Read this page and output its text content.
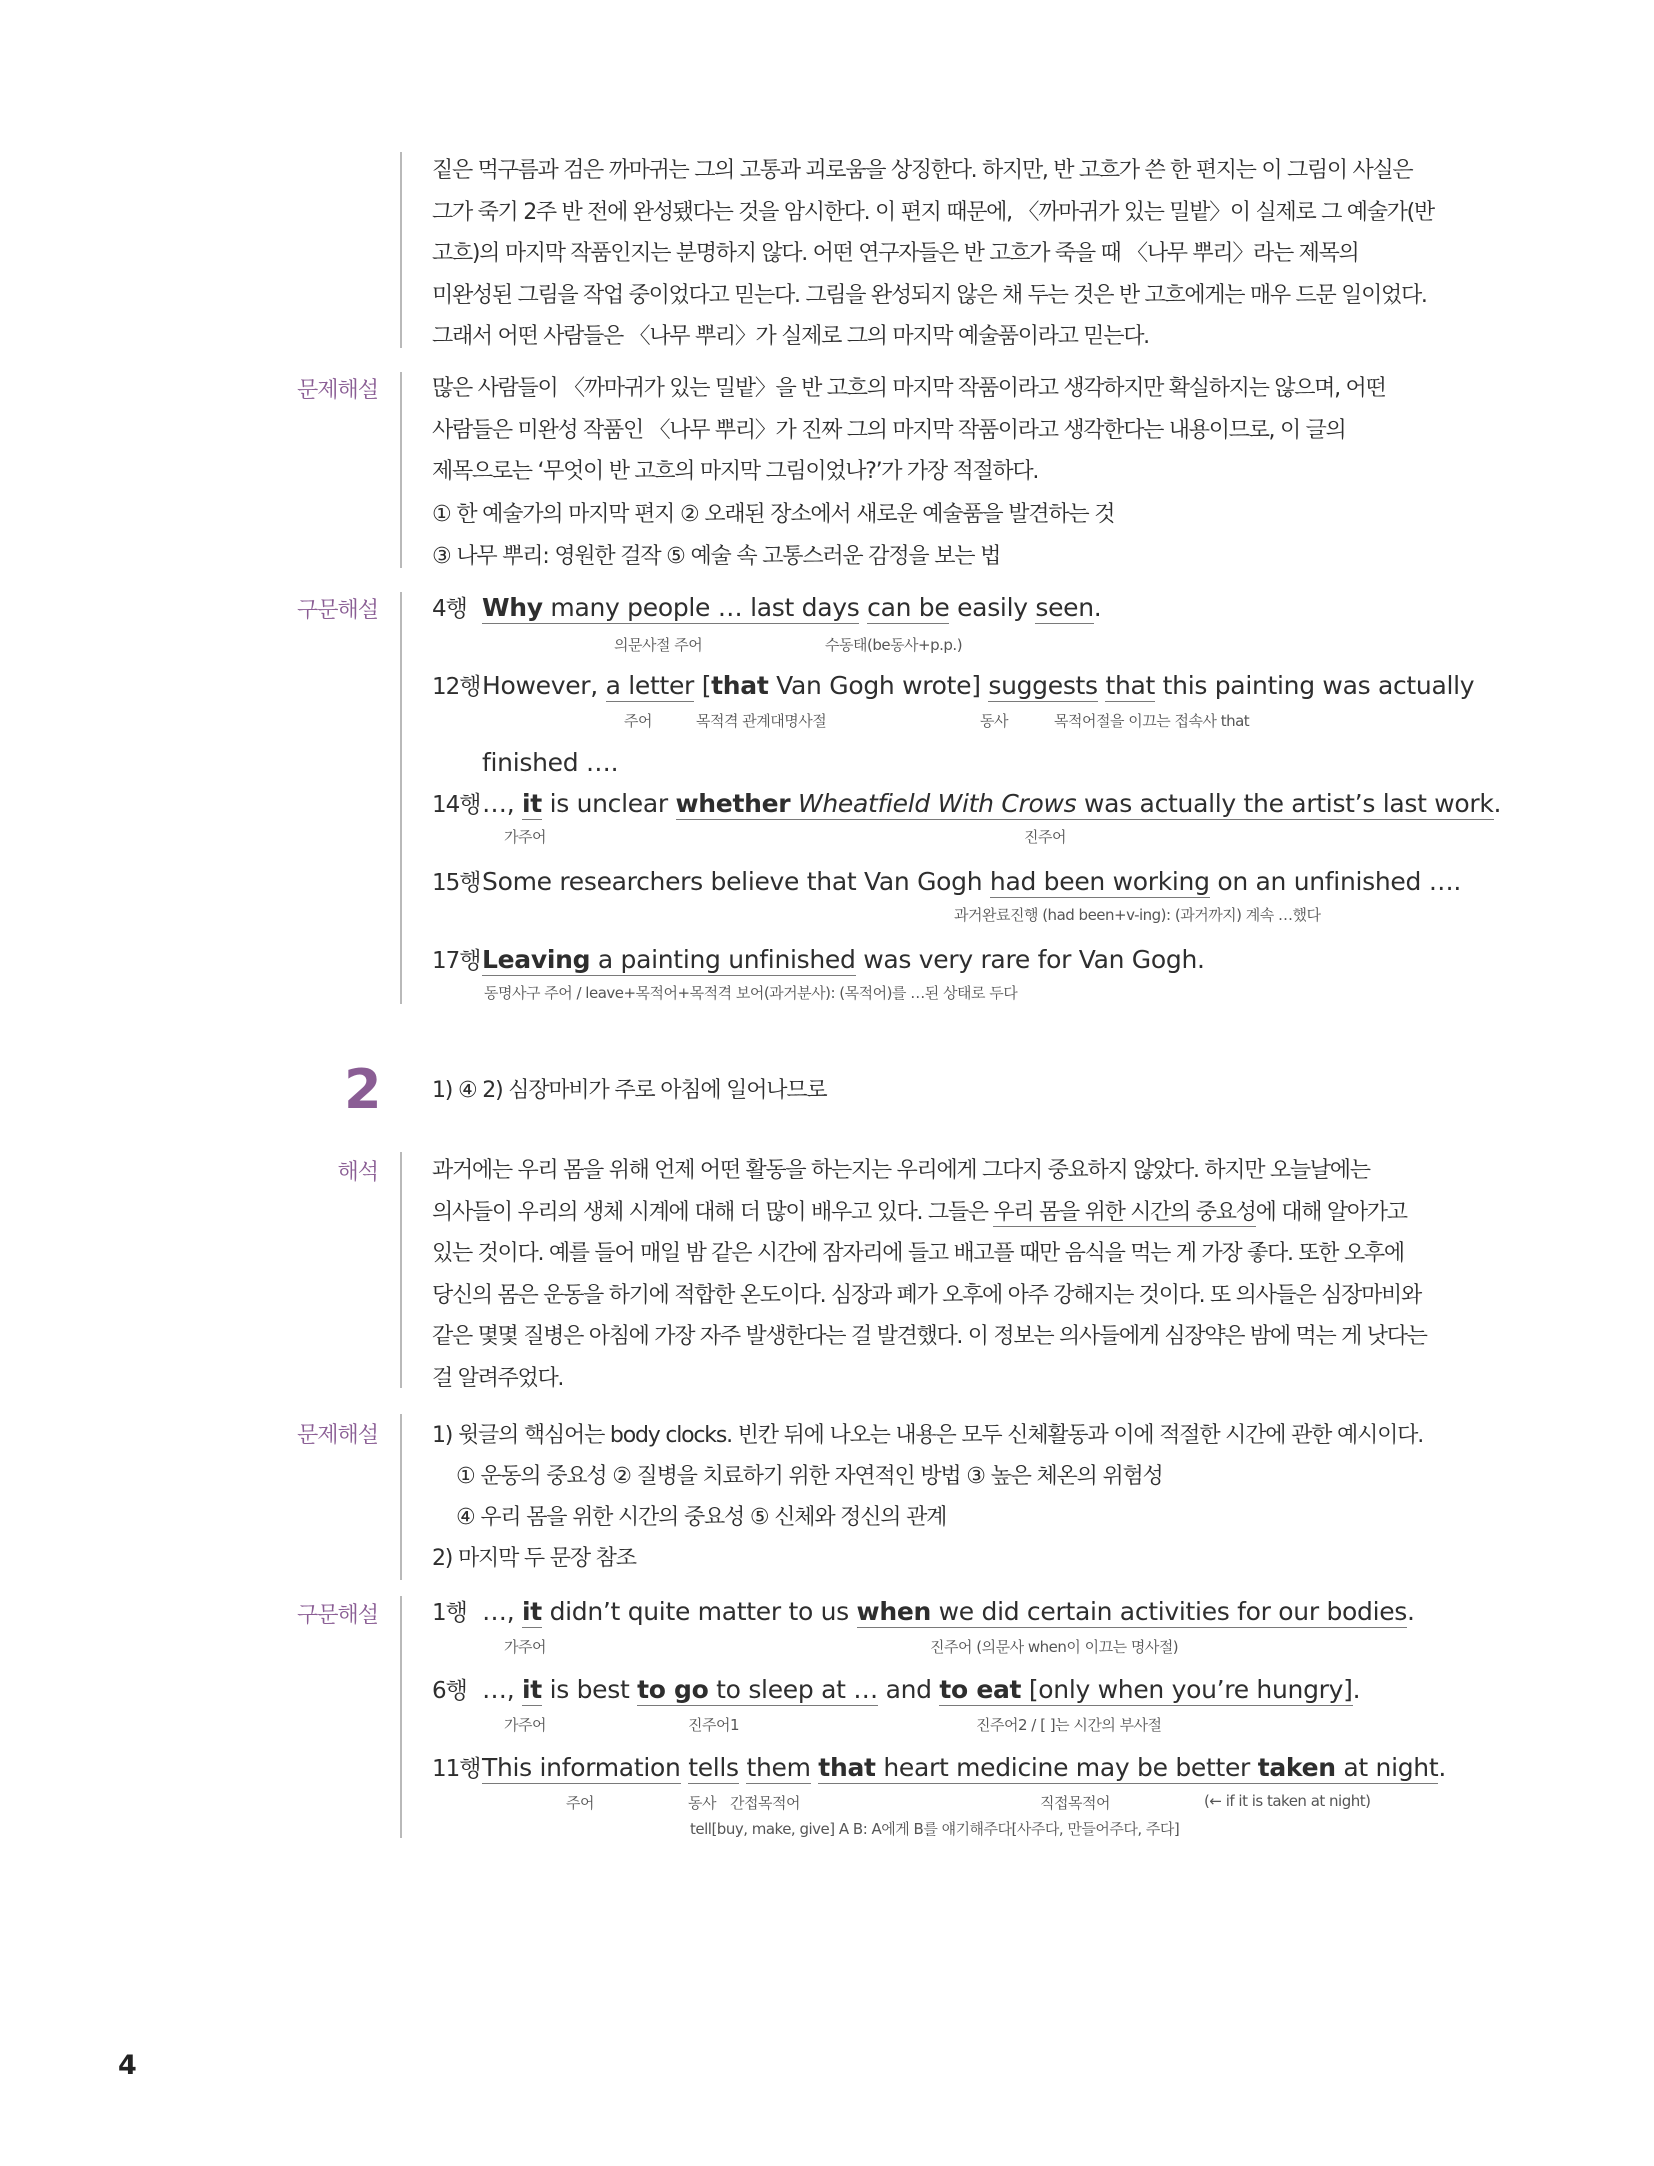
짙은 먹구름과 검은 까마귀는 그의 고통과 괴로움을 상징한다. 하지만, 반 고흐가 쓴 한 편지는 이 그림이 사실은 그가 죽기 2주 반 전에 완성됐다는 것을 암시한다. 이 편지 때문에, 〈까마귀가 있는 밀밭〉이 실제로 그 예술가(반 고흐)의 마지막 작품인지는 분명하지 않다. 어떤 연구자들은 반 고흐가 죽을 때 〈나무 뿌리〉라는 제목의 미완성된 그림을 작업 중이었다고 믿는다. 그림을 완성되지 않은 채 두는 것은 반 고흐에게는 매우 드문 일이었다. 그래서 어떤 사람들은 〈나무 뿌리〉가 실제로 그의 마지막 예술품이라고 믿는다.
문제해설 많은 사람들이 〈까마귀가 있는 밀밭〉을 반 고흐의 마지막 작품이라고 생각하지만 확실하지는 않으며, 어떤 사람들은 미완성 작품인 〈나무 뿌리〉가 진짜 그의 마지막 작품이라고 생각한다는 내용이므로, 이 글의 제목으로는 ‘무엇이 반 고흐의 마지막 그림이었나?’가 가장 적절하다.
① 한 예술가의 마지막 편지 ② 오래된 장소에서 새로운 예술품을 발견하는 것
③ 나무 뿌리: 영원한 걸작 ⑤ 예술 속 고통스러운 감정을 보는 법
구문해설 4행 Why many people … last days can be easily seen.
의문사절 주어	수동태(be동사+p.p.)
12행However, a letter [that Van Gogh wrote] suggests that this painting was actually
주어	목적격 관계대명사절	동사	목적어절을 이끄는 접속사 that
finished ….
14행…, it is unclear whether Wheatfield With Crows was actually the artist’s last work.
가주어	진주어
15행Some researchers believe that Van Gogh had been working on an unfinished ….
과거완료진행 (had been+v-ing): (과거까지) 계속 …했다
17행Leaving a painting unfinished was very rare for Van Gogh.
동명사구 주어 / leave+목적어+목적격 보어(과거분사): (목적어)를 …된 상태로 두다
2 1) ④ 2) 심장마비가 주로 아침에 일어나므로
해석 과거에는 우리 몸을 위해 언제 어떤 활동을 하는지는 우리에게 그다지 중요하지 않았다. 하지만 오늘날에는 의사들이 우리의 생체 시계에 대해 더 많이 배우고 있다. 그들은 우리 몸을 위한 시간의 중요성에 대해 알아가고 있는 것이다. 예를 들어 매일 밤 같은 시간에 잠자리에 들고 배고플 때만 음식을 먹는 게 가장 좋다. 또한 오후에 당신의 몸은 운동을 하기에 적합한 온도이다. 심장과 폐가 오후에 아주 강해지는 것이다. 또 의사들은 심장마비와 같은 몇몇 질병은 아침에 가장 자주 발생한다는 걸 발견했다. 이 정보는 의사들에게 심장약은 밤에 먹는 게 낫다는 걸 알려주었다.
문제해설 1) 윗글의 핵심어는 body clocks. 빈칸 뒤에 나오는 내용은 모두 신체활동과 이에 적절한 시간에 관한 예시이다.
① 운동의 중요성 ② 질병을 치료하기 위한 자연적인 방법 ③ 높은 체온의 위험성
④ 우리 몸을 위한 시간의 중요성 ⑤ 신체와 정신의 관계
2) 마지막 두 문장 참조
구문해설 1행 …, it didn’t quite matter to us when we did certain activities for our bodies.
가주어	진주어 (의문사 when이 이끄는 명사절)
6행 …, it is best to go to sleep at … and to eat [only when you’re hungry].
가주어	진주어1	진주어2 / [ ]는 시간의 부사절
11행This information tells them that heart medicine may be better taken at night.
주어	동사 간접목적어	직접목적어	(← if it is taken at night)
tell[buy, make, give] A B: A에게 B를 얘기해주다[사주다, 만들어주다, 주다]
4
